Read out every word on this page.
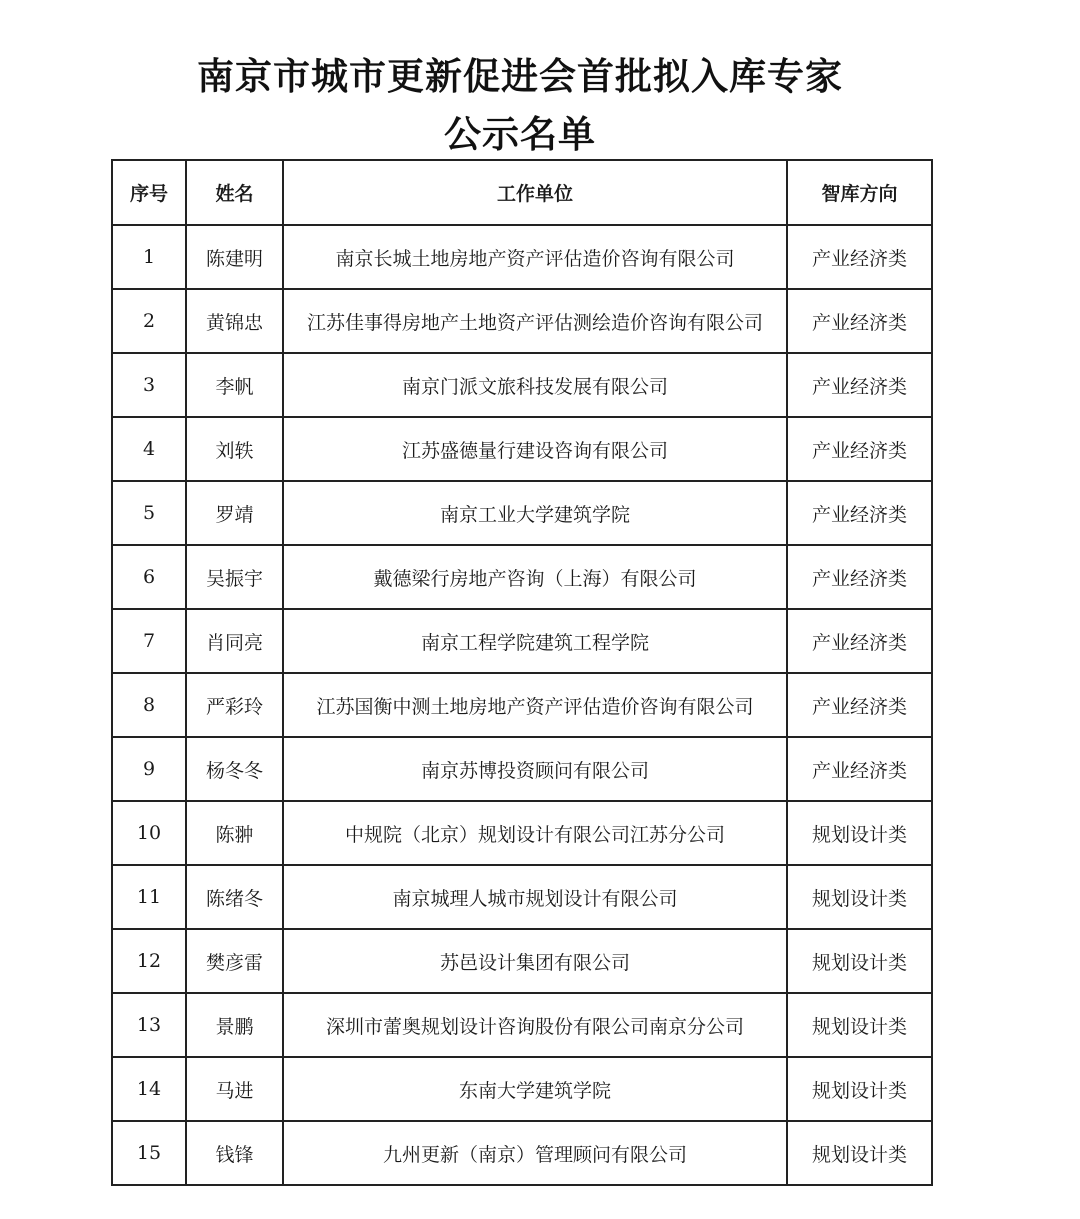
南京市城市更新促进会首批拟入库专家
公示名单
序号	姓名	工作单位	智库方向
1	陈建明	南京长城土地房地产资产评估造价咨询有限公司	产业经济类
2	黄锦忠	江苏佳事得房地产土地资产评估测绘造价咨询有限公司	产业经济类
3	李帆	南京门派文旅科技发展有限公司	产业经济类
4	刘轶	江苏盛德量行建设咨询有限公司	产业经济类
5	罗靖	南京工业大学建筑学院	产业经济类
6	吴振宇	戴德梁行房地产咨询（上海）有限公司	产业经济类
7	肖同亮	南京工程学院建筑工程学院	产业经济类
8	严彩玲	江苏国衡中测土地房地产资产评估造价咨询有限公司	产业经济类
9	杨冬冬	南京苏博投资顾问有限公司	产业经济类
10	陈翀	中规院（北京）规划设计有限公司江苏分公司	规划设计类
11	陈绪冬	南京城理人城市规划设计有限公司	规划设计类
12	樊彦雷	苏邑设计集团有限公司	规划设计类
13	景鹏	深圳市蕾奥规划设计咨询股份有限公司南京分公司	规划设计类
14	马进	东南大学建筑学院	规划设计类
15	钱锋	九州更新（南京）管理顾问有限公司	规划设计类
